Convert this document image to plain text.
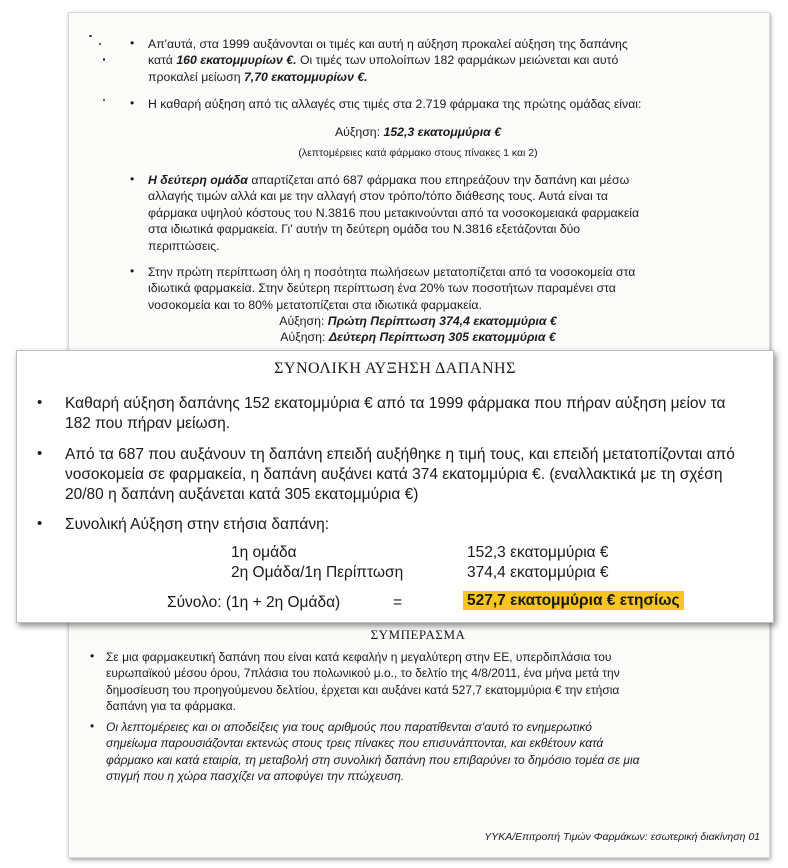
• Απ'αυτά, στα 1999 αυξάνονται οι τιμές και αυτή η αύξηση προκαλεί αύξηση της δαπάνης
κατά 160 εκατομμυρίων €. Οι τιμές των υπολοίπων 182 φαρμάκων μειώνεται και αυτό
προκαλεί μείωση 7,70 εκατομμυρίων €.
• Η καθαρή αύξηση από τις αλλαγές στις τιμές στα 2.719 φάρμακα της πρώτης ομάδας είναι:
Αύξηση: 152,3 εκατομμύρια €
(λεπτομέρειες κατά φάρμακο στους πίνακες 1 και 2)
• Η δεύτερη ομάδα απαρτίζεται από 687 φάρμακα που επηρεάζουν την δαπάνη και μέσω
αλλαγής τιμών αλλά και με την αλλαγή στον τρόπο/τόπο διάθεσης τους. Αυτά είναι τα
φάρμακα υψηλού κόστους του Ν.3816 που μετακινούνται από τα νοσοκομειακά φαρμακεία
στα ιδιωτικά φαρμακεία. Γι' αυτήν τη δεύτερη ομάδα του Ν.3816 εξετάζονται δύο
περιπτώσεις.
• Στην πρώτη περίπτωση όλη η ποσότητα πωλήσεων μετατοπίζεται από τα νοσοκομεία στα
ιδιωτικά φαρμακεία. Στην δεύτερη περίπτωση ένα 20% των ποσοτήτων παραμένει στα
νοσοκομεία και το 80% μετατοπίζεται στα ιδιωτικά φαρμακεία.
Αύξηση: Πρώτη Περίπτωση 374,4 εκατομμύρια €
Αύξηση: Δεύτερη Περίπτωση 305 εκατομμύρια €
ΣΥΝΟΛΙΚΗ ΑΥΞΗΣΗ ΔΑΠΑΝΗΣ
• Καθαρή αύξηση δαπάνης 152 εκατομμύρια € από τα 1999 φάρμακα που πήραν αύξηση μείον τα
182 που πήραν μείωση.
• Από τα 687 που αυξάνουν τη δαπάνη επειδή αυξήθηκε η τιμή τους, και επειδή μετατοπίζονται από
νοσοκομεία σε φαρμακεία, η δαπάνη αυξάνει κατά 374 εκατομμύρια €. (εναλλακτικά με τη σχέση
20/80 η δαπάνη αυξάνεται κατά 305 εκατομμύρια €)
• Συνολική Αύξηση στην ετήσια δαπάνη:
1η ομάδα	152,3 εκατομμύρια €
2η Ομάδα/1η Περίπτωση	374,4 εκατομμύρια €
Σύνολο: (1η + 2η Ομάδα)	=	527,7 εκατομμύρια € ετησίως
ΣΥΜΠΕΡΑΣΜΑ
• Σε μια φαρμακευτική δαπάνη που είναι κατά κεφαλήν η μεγαλύτερη στην ΕΕ, υπερδιπλάσια του
ευρωπαϊκού μέσου όρου, 7πλάσια του πολωνικού μ.ο., το δελτίο της 4/8/2011, ένα μήνα μετά την
δημοσίευση του προηγούμενου δελτίου, έρχεται και αυξάνει κατά 527,7 εκατομμύρια € την ετήσια
δαπάνη για τα φάρμακα.
• Οι λεπτομέρειες και οι αποδείξεις για τους αριθμούς που παρατίθενται σ'αυτό το ενημερωτικό
σημείωμα παρουσιάζονται εκτενώς στους τρεις πίνακες που επισυνάπτονται, και εκθέτουν κατά
φάρμακο και κατά εταιρία, τη μεταβολή στη συνολική δαπάνη που επιβαρύνει το δημόσιο τομέα σε μια
στιγμή που η χώρα πασχίζει να αποφύγει την πτώχευση.
ΥΥΚΑ/Επιτροπή Τιμών Φαρμάκων: εσωτερική διακίνηση 01
